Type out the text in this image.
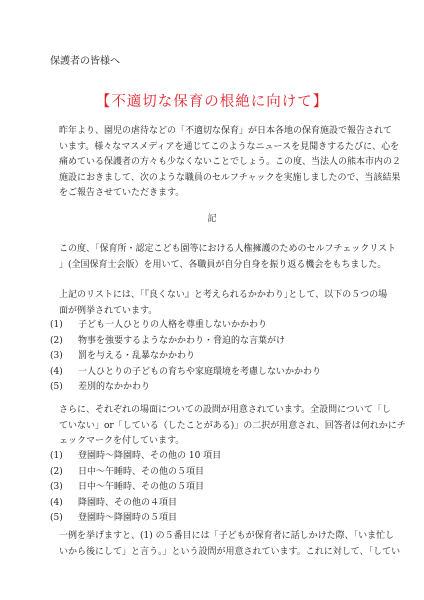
保護者の皆様へ
【不適切な保育の根絶に向けて】
昨年より、園児の虐待などの「不適切な保育」が日本各地の保育施設で報告されて
います。様々なマスメディアを通じてこのようなニュースを見聞きするたびに、心を
痛めている保護者の方々も少なくないことでしょう。この度、当法人の熊本市内の２
施設におきまして、次のような職員のセルフチャックを実施しましたので、当該結果
をご報告させていただきます。
記
この度、「保育所・認定こども園等における人権擁護のためのセルフチェックリスト
」(全国保育士会版）を用いて、各職員が自分自身を振り返る機会をもちました。
上記のリストには、｢『良くない』と考えられるかかわり｣として、以下の５つの場
面が例挙されています。
(1)	子ども一人ひとりの人格を尊重しないかかわり
(2)	物事を強要するようなかかわり・脅迫的な言葉がけ
(3)	罰を与える・乱暴なかかわり
(4)	一人ひとりの子どもの育ちや家庭環境を考慮しないかかわり
(5)	差別的なかかわり
さらに、それぞれの場面についての設問が用意されています。全設問について「し
ていない」or「している（したことがある)」の二択が用意され、回答者は何れかにチ
ェックマークを付しています。
(1)	登園時〜降園時、その他の 10 項目
(2)	日中〜午睡時、その他の５項目
(3)	日中〜午睡時、その他の５項目
(4)	降園時、その他の４項目
(5)	登園時〜降園時の５項目
一例を挙げますと、(1) の５番目には「子どもが保育者に話しかけた際、｢いま忙し
いから後にして」と言う。」という設問が用意されています。これに対して、「してい
